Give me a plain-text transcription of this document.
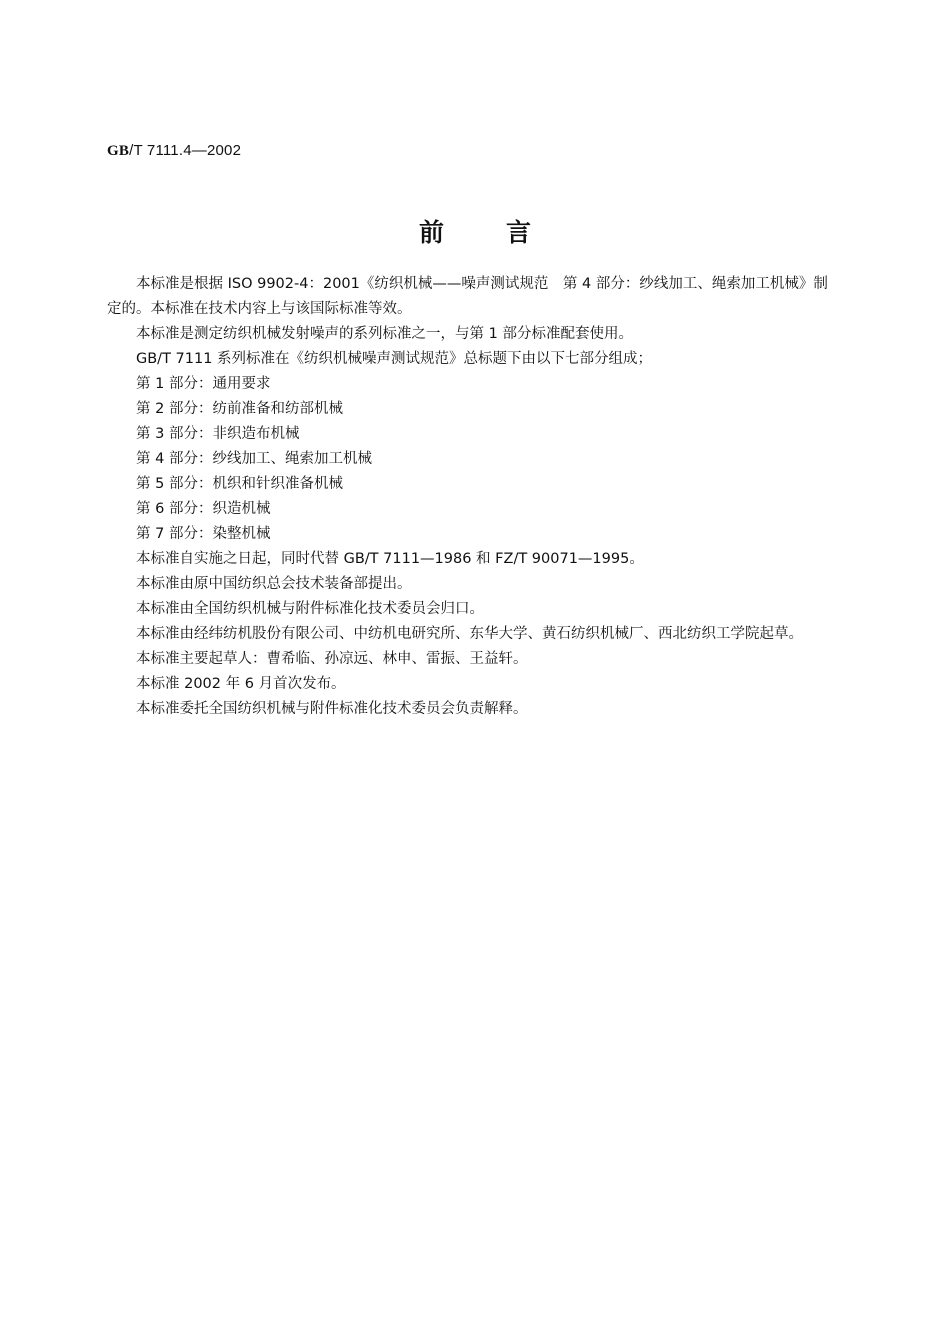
GB/T 7111.4—2002
前言

本标准是根据 ISO 9902-4：2001《纺织机械——噪声测试规范　第 4 部分：纱线加工、绳索加工机械》制定的。本标准在技术内容上与该国际标准等效。

本标准是测定纺织机械发射噪声的系列标准之一，与第 1 部分标准配套使用。

GB/T 7111 系列标准在《纺织机械噪声测试规范》总标题下由以下七部分组成；

第 1 部分：通用要求

第 2 部分：纺前准备和纺部机械

第 3 部分：非织造布机械

第 4 部分：纱线加工、绳索加工机械

第 5 部分：机织和针织准备机械

第 6 部分：织造机械

第 7 部分：染整机械

本标准自实施之日起，同时代替 GB/T 7111—1986 和 FZ/T 90071—1995。

本标准由原中国纺织总会技术装备部提出。

本标准由全国纺织机械与附件标准化技术委员会归口。

本标准由经纬纺机股份有限公司、中纺机电研究所、东华大学、黄石纺织机械厂、西北纺织工学院起草。

本标准主要起草人：曹希临、孙凉远、林申、雷振、王益轩。

本标准 2002 年 6 月首次发布。

本标准委托全国纺织机械与附件标准化技术委员会负责解释。
